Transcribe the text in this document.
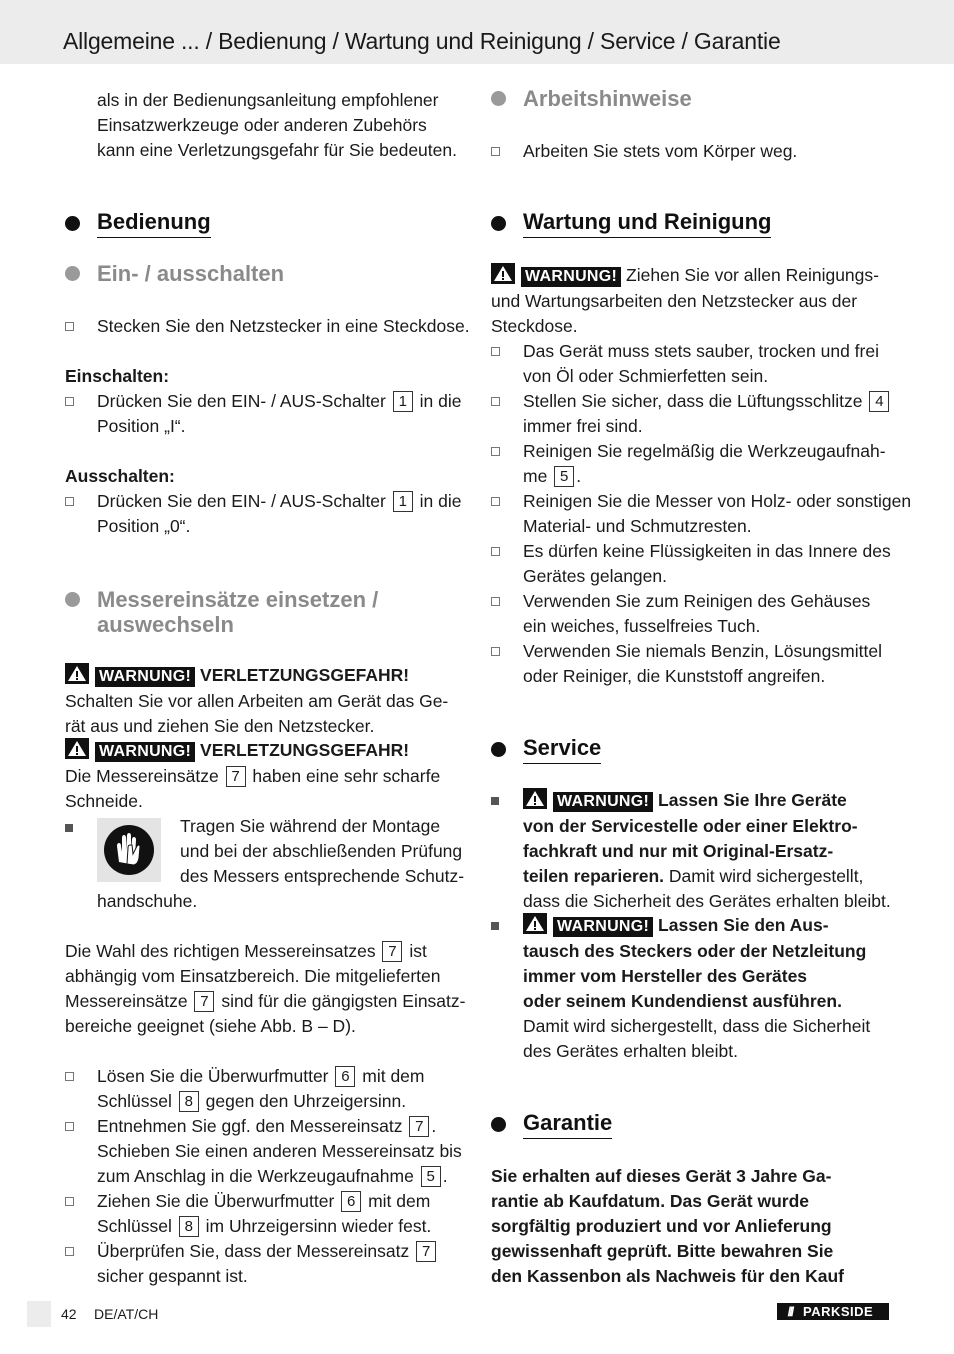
Allgemeine ... / Bedienung / Wartung und Reinigung / Service / Garantie
als in der Bedienungsanleitung empfohlener
Einsatzwerkzeuge oder anderen Zubehörs
kann eine Verletzungsgefahr für Sie bedeuten.
Bedienung
Ein- / ausschalten
Stecken Sie den Netzstecker in eine Steckdose.
Einschalten:
Drücken Sie den EIN- / AUS-Schalter 1 in die
Position „I“.
Ausschalten:
Drücken Sie den EIN- / AUS-Schalter 1 in die
Position „0“.
Messereinsätze einsetzen /
auswechseln
WARNUNG! VERLETZUNGSGEFAHR!
Schalten Sie vor allen Arbeiten am Gerät das Ge-
rät aus und ziehen Sie den Netzstecker.
WARNUNG! VERLETZUNGSGEFAHR!
Die Messereinsätze 7 haben eine sehr scharfe
Schneide.
Tragen Sie während der Montage
und bei der abschließenden Prüfung
des Messers entsprechende Schutz-
handschuhe.
Die Wahl des richtigen Messereinsatzes 7 ist
abhängig vom Einsatzbereich. Die mitgelieferten
Messereinsätze 7 sind für die gängigsten Einsatz-
bereiche geeignet (siehe Abb. B – D).
Lösen Sie die Überwurfmutter 6 mit dem
Schlüssel 8 gegen den Uhrzeigersinn.
Entnehmen Sie ggf. den Messereinsatz 7 .
Schieben Sie einen anderen Messereinsatz bis
zum Anschlag in die Werkzeugaufnahme 5 .
Ziehen Sie die Überwurfmutter 6 mit dem
Schlüssel 8 im Uhrzeigersinn wieder fest.
Überprüfen Sie, dass der Messereinsatz 7
sicher gespannt ist.
Arbeitshinweise
Arbeiten Sie stets vom Körper weg.
Wartung und Reinigung
WARNUNG! Ziehen Sie vor allen Reinigungs-
und Wartungsarbeiten den Netzstecker aus der
Steckdose.
Das Gerät muss stets sauber, trocken und frei
von Öl oder Schmierfetten sein.
Stellen Sie sicher, dass die Lüftungsschlitze 4
immer frei sind.
Reinigen Sie regelmäßig die Werkzeugaufnah-
me 5 .
Reinigen Sie die Messer von Holz- oder sonstigen
Material- und Schmutzresten.
Es dürfen keine Flüssigkeiten in das Innere des
Gerätes gelangen.
Verwenden Sie zum Reinigen des Gehäuses
ein weiches, fusselfreies Tuch.
Verwenden Sie niemals Benzin, Lösungsmittel
oder Reiniger, die Kunststoff angreifen.
Service
WARNUNG! Lassen Sie Ihre Geräte
von der Servicestelle oder einer Elektro-
fachkraft und nur mit Original-Ersatz-
teilen reparieren. Damit wird sichergestellt,
dass die Sicherheit des Gerätes erhalten bleibt.
WARNUNG! Lassen Sie den Aus-
tausch des Steckers oder der Netzleitung
immer vom Hersteller des Gerätes
oder seinem Kundendienst ausführen.
Damit wird sichergestellt, dass die Sicherheit
des Gerätes erhalten bleibt.
Garantie
Sie erhalten auf dieses Gerät 3 Jahre Ga-
rantie ab Kaufdatum. Das Gerät wurde
sorgfältig produziert und vor Anlieferung
gewissenhaft geprüft. Bitte bewahren Sie
den Kassenbon als Nachweis für den Kauf
42 DE/AT/CH	/// PARKSIDE
